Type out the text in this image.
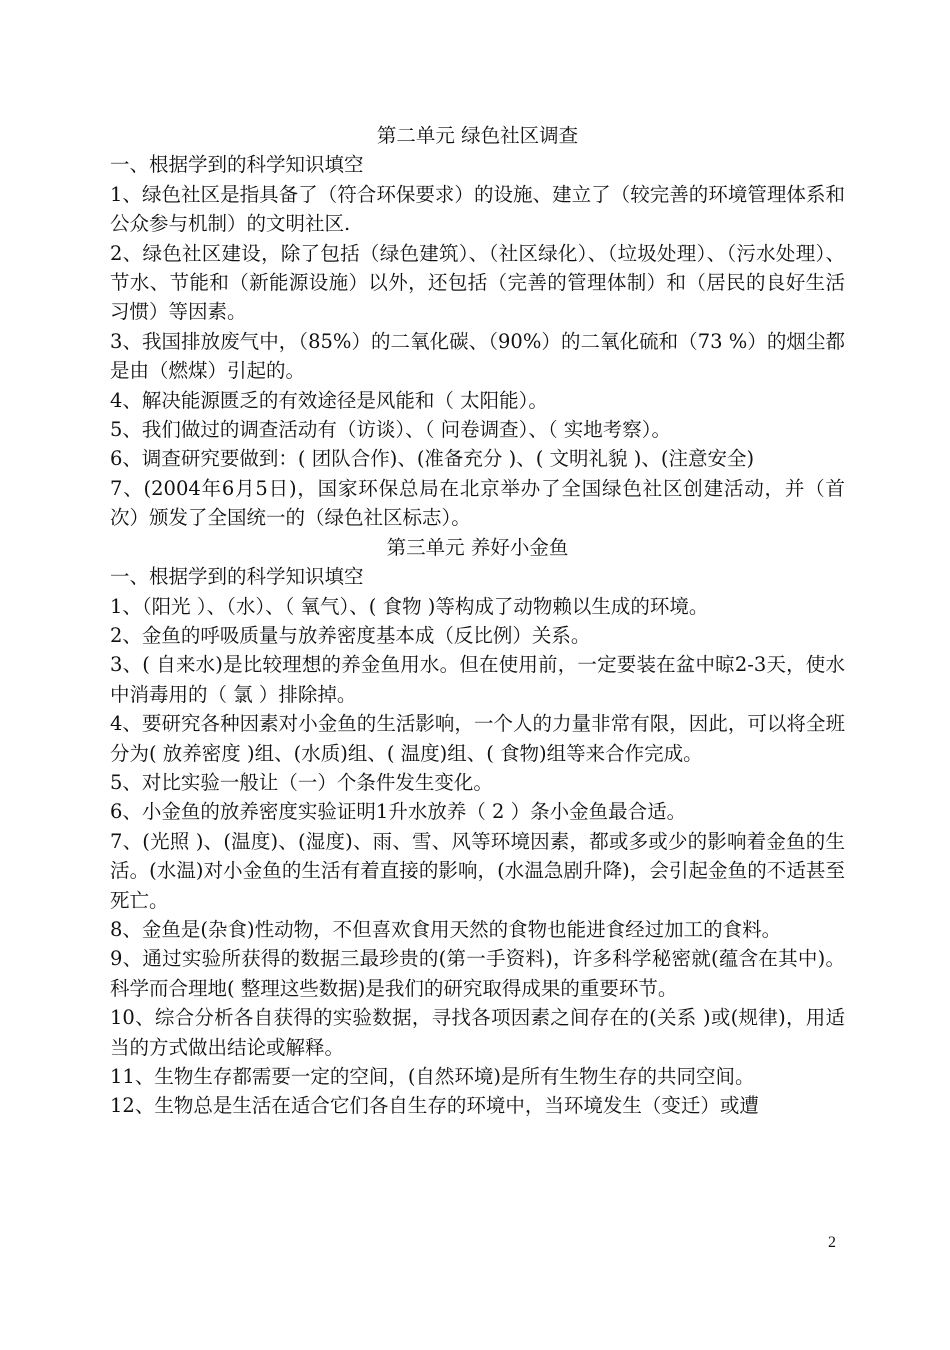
第二单元 绿色社区调查

一、根据学到的科学知识填空

1、绿色社区是指具备了（符合环保要求）的设施、建立了（较完善的环境管理体系和公众参与机制）的文明社区.

2、绿色社区建设，除了包括（绿色建筑）、（社区绿化）、（垃圾处理）、（污水处理）、节水、节能和（新能源设施）以外，还包括（完善的管理体制）和（居民的良好生活习惯）等因素。

3、我国排放废气中，（85%）的二氧化碳、（90%）的二氧化硫和（73 %）的烟尘都是由（燃煤）引起的。

4、解决能源匮乏的有效途径是风能和（ 太阳能）。

5、我们做过的调查活动有（访谈）、（ 问卷调查）、（ 实地考察）。

6、调查研究要做到：( 团队合作)、(准备充分 )、( 文明礼貌 )、(注意安全)

7、(2004年6月5日)，国家环保总局在北京举办了全国绿色社区创建活动，并（首次）颁发了全国统一的（绿色社区标志）。

第三单元 养好小金鱼

一、根据学到的科学知识填空

1、（阳光 ）、（水）、（ 氧气）、( 食物 )等构成了动物赖以生成的环境。

2、金鱼的呼吸质量与放养密度基本成（反比例）关系。

3、( 自来水)是比较理想的养金鱼用水。但在使用前，一定要装在盆中晾2-3天，使水中消毒用的（ 氯 ）排除掉。

4、要研究各种因素对小金鱼的生活影响，一个人的力量非常有限，因此，可以将全班分为( 放养密度 )组、(水质)组、( 温度)组、( 食物)组等来合作完成。

5、对比实验一般让（一）个条件发生变化。

6、小金鱼的放养密度实验证明1升水放养（ 2 ）条小金鱼最合适。

7、(光照 )、(温度)、(湿度)、雨、雪、风等环境因素，都或多或少的影响着金鱼的生活。(水温)对小金鱼的生活有着直接的影响，(水温急剧升降)，会引起金鱼的不适甚至死亡。

8、金鱼是(杂食)性动物，不但喜欢食用天然的食物也能进食经过加工的食料。

9、通过实验所获得的数据三最珍贵的(第一手资料)，许多科学秘密就(蕴含在其中)。科学而合理地( 整理这些数据)是我们的研究取得成果的重要环节。

10、综合分析各自获得的实验数据，寻找各项因素之间存在的(关系 )或(规律)，用适当的方式做出结论或解释。

11、生物生存都需要一定的空间，(自然环境)是所有生物生存的共同空间。

12、生物总是生活在适合它们各自生存的环境中，当环境发生（变迁）或遭

2
